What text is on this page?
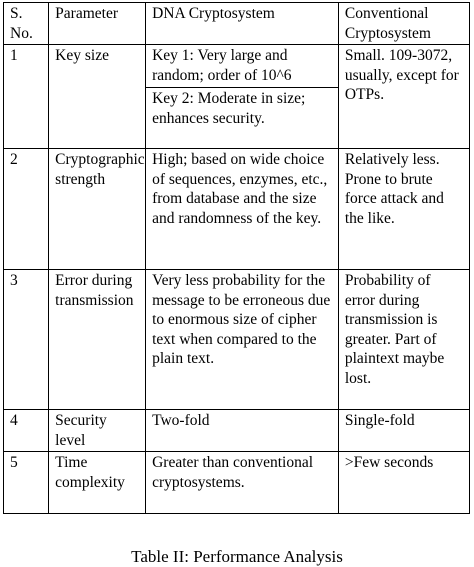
S. No.	Parameter	DNA Cryptosystem	Conventional Cryptosystem
1	Key size	Key 1: Very large and random; order of 10^6	Small. 109-3072, usually, except for OTPs.
		Key 2: Moderate in size; enhances security.	
2	Cryptographic strength	High; based on wide choice of sequences, enzymes, etc., from database and the size and randomness of the key.	Relatively less. Prone to brute force attack and the like.
3	Error during transmission	Very less probability for the message to be erroneous due to enormous size of cipher text when compared to the plain text.	Probability of error during transmission is greater. Part of plaintext maybe lost.
4	Security level	Two-fold	Single-fold
5	Time complexity	Greater than conventional cryptosystems.	>Few seconds
Table II: Performance Analysis
